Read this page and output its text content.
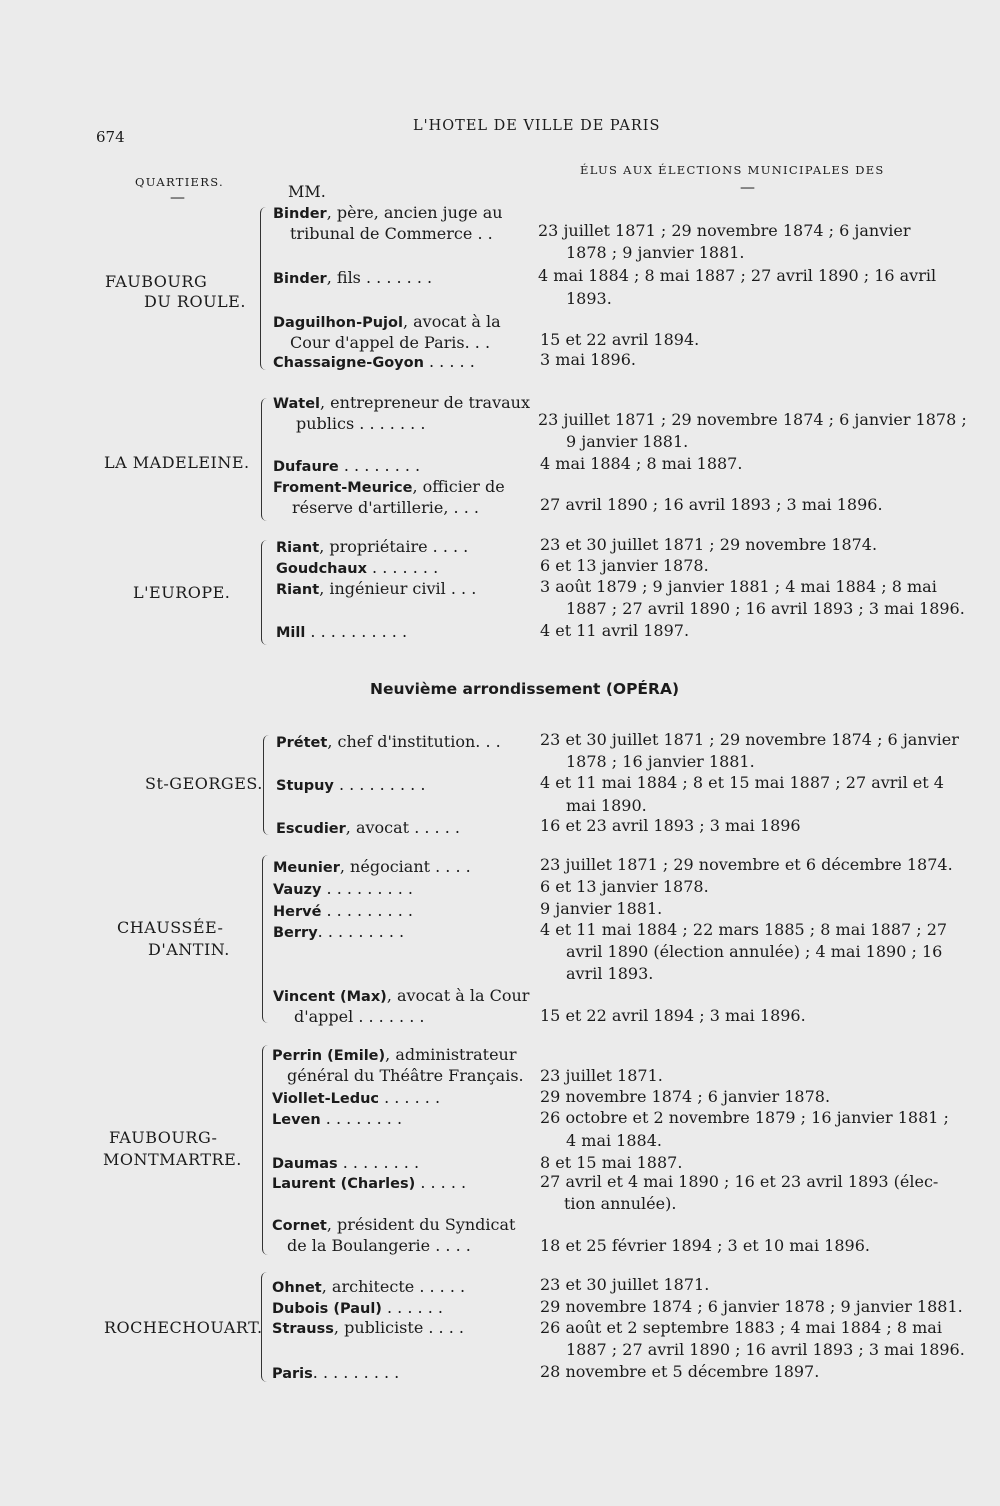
674
L'HOTEL DE VILLE DE PARIS
QUARTIERS.
ÉLUS AUX ÉLECTIONS MUNICIPALES DES
—
—
MM.
FAUBOURG
DU ROULE.
LA MADELEINE.
L'EUROPE.
St-GEORGES.
CHAUSSÉE-
D'ANTIN.
FAUBOURG-
MONTMARTRE.
ROCHECHOUART.
Binder, père, ancien juge au
tribunal de Commerce . .
Binder, fils . . . . . . .
Daguilhon-Pujol, avocat à la
Cour d'appel de Paris. . .
Chassaigne-Goyon . . . . .
Watel, entrepreneur de travaux
publics . . . . . . .
Dufaure . . . . . . . .
Froment-Meurice, officier de
réserve d'artillerie, . . .
Riant, propriétaire . . . .
Goudchaux . . . . . . .
Riant, ingénieur civil . . .
Mill . . . . . . . . . .
Neuvième arrondissement (OPÉRA)
Prétet, chef d'institution. . .
Stupuy . . . . . . . . .
Escudier, avocat . . . . .
Meunier, négociant . . . .
Vauzy . . . . . . . . .
Hervé . . . . . . . . .
Berry. . . . . . . . .
Vincent (Max), avocat à la Cour
d'appel . . . . . . .
Perrin (Emile), administrateur
général du Théâtre Français.
Viollet-Leduc . . . . . .
Leven . . . . . . . .
Daumas . . . . . . . .
Laurent (Charles) . . . . .
Cornet, président du Syndicat
de la Boulangerie . . . .
Ohnet, architecte . . . . .
Dubois (Paul) . . . . . .
Strauss, publiciste . . . .
Paris. . . . . . . . .
23 juillet 1871 ; 29 novembre 1874 ; 6 janvier
1878 ; 9 janvier 1881.
4 mai 1884 ; 8 mai 1887 ; 27 avril 1890 ; 16 avril
1893.
15 et 22 avril 1894.
3 mai 1896.
23 juillet 1871 ; 29 novembre 1874 ; 6 janvier 1878 ;
9 janvier 1881.
4 mai 1884 ; 8 mai 1887.
27 avril 1890 ; 16 avril 1893 ; 3 mai 1896.
23 et 30 juillet 1871 ; 29 novembre 1874.
6 et 13 janvier 1878.
3 août 1879 ; 9 janvier 1881 ; 4 mai 1884 ; 8 mai
1887 ; 27 avril 1890 ; 16 avril 1893 ; 3 mai 1896.
4 et 11 avril 1897.
23 et 30 juillet 1871 ; 29 novembre 1874 ; 6 janvier
1878 ; 16 janvier 1881.
4 et 11 mai 1884 ; 8 et 15 mai 1887 ; 27 avril et 4
mai 1890.
16 et 23 avril 1893 ; 3 mai 1896
23 juillet 1871 ; 29 novembre et 6 décembre 1874.
6 et 13 janvier 1878.
9 janvier 1881.
4 et 11 mai 1884 ; 22 mars 1885 ; 8 mai 1887 ; 27
avril 1890 (élection annulée) ; 4 mai 1890 ; 16
avril 1893.
15 et 22 avril 1894 ; 3 mai 1896.
23 juillet 1871.
29 novembre 1874 ; 6 janvier 1878.
26 octobre et 2 novembre 1879 ; 16 janvier 1881 ;
4 mai 1884.
8 et 15 mai 1887.
27 avril et 4 mai 1890 ; 16 et 23 avril 1893 (élec-
tion annulée).
18 et 25 février 1894 ; 3 et 10 mai 1896.
23 et 30 juillet 1871.
29 novembre 1874 ; 6 janvier 1878 ; 9 janvier 1881.
26 août et 2 septembre 1883 ; 4 mai 1884 ; 8 mai
1887 ; 27 avril 1890 ; 16 avril 1893 ; 3 mai 1896.
28 novembre et 5 décembre 1897.
